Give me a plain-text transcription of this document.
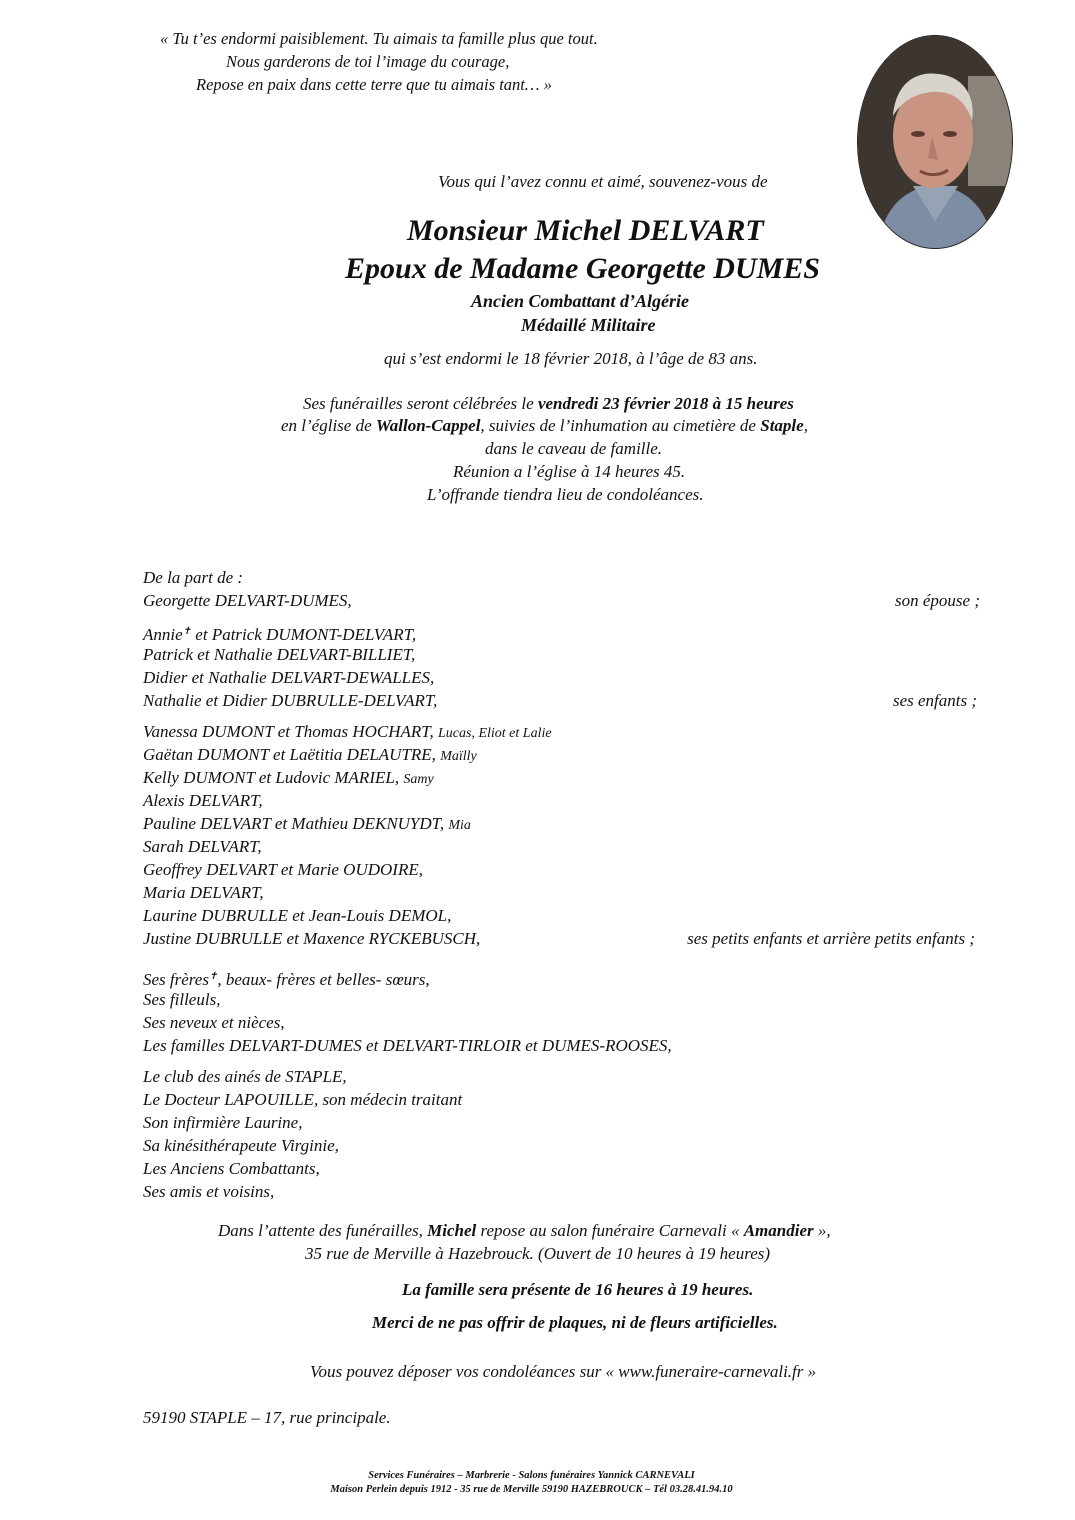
« Tu t’es endormi paisiblement. Tu aimais ta famille plus que tout.
Nous garderons de toi l’image du courage,
Repose en paix dans cette terre que tu aimais tant… »
Vous qui l’avez connu et aimé, souvenez-vous de
Monsieur Michel DELVART
Epoux de Madame Georgette DUMES
Ancien Combattant d’Algérie
Médaillé Militaire
qui s’est endormi le 18 février 2018, à l’âge de 83 ans.
Ses funérailles seront célébrées le vendredi 23 février 2018 à 15 heures
en l’église de Wallon-Cappel, suivies de l’inhumation au cimetière de Staple,
dans le caveau de famille.
Réunion a l’église à 14 heures 45.
L’offrande tiendra lieu de condoléances.
De la part de :
Georgette DELVART-DUMES,	son épouse ;
Annie✝ et Patrick DUMONT-DELVART,
Patrick et Nathalie DELVART-BILLIET,
Didier et Nathalie DELVART-DEWALLES,
Nathalie et Didier DUBRULLE-DELVART,	ses enfants ;
Vanessa DUMONT et Thomas HOCHART, Lucas, Eliot et Lalie
Gaëtan DUMONT et Laëtitia DELAUTRE, Maïlly
Kelly DUMONT et Ludovic MARIEL, Samy
Alexis DELVART,
Pauline DELVART et Mathieu DEKNUYDT, Mia
Sarah DELVART,
Geoffrey DELVART et Marie OUDOIRE,
Maria DELVART,
Laurine DUBRULLE et Jean-Louis DEMOL,
Justine DUBRULLE et Maxence RYCKEBUSCH,	ses petits enfants et arrière petits enfants ;
Ses frères✝, beaux- frères et belles- sœurs,
Ses filleuls,
Ses neveux et nièces,
Les familles DELVART-DUMES et DELVART-TIRLOIR et DUMES-ROOSES,
Le club des ainés de STAPLE,
Le Docteur LAPOUILLE, son médecin traitant
Son infirmière Laurine,
Sa kinésithérapeute Virginie,
Les Anciens Combattants,
Ses amis et voisins,
Dans l’attente des funérailles, Michel repose au salon funéraire Carnevali « Amandier »,
35 rue de Merville à Hazebrouck. (Ouvert de 10 heures à 19 heures)
La famille sera présente de 16 heures à 19 heures.
Merci de ne pas offrir de plaques, ni de fleurs artificielles.
Vous pouvez déposer vos condoléances sur « www.funeraire-carnevali.fr »
59190 STAPLE – 17, rue principale.
Services Funéraires – Marbrerie - Salons funéraires Yannick CARNEVALI
Maison Perlein depuis 1912 - 35 rue de Merville 59190 HAZEBROUCK – Tél 03.28.41.94.10
